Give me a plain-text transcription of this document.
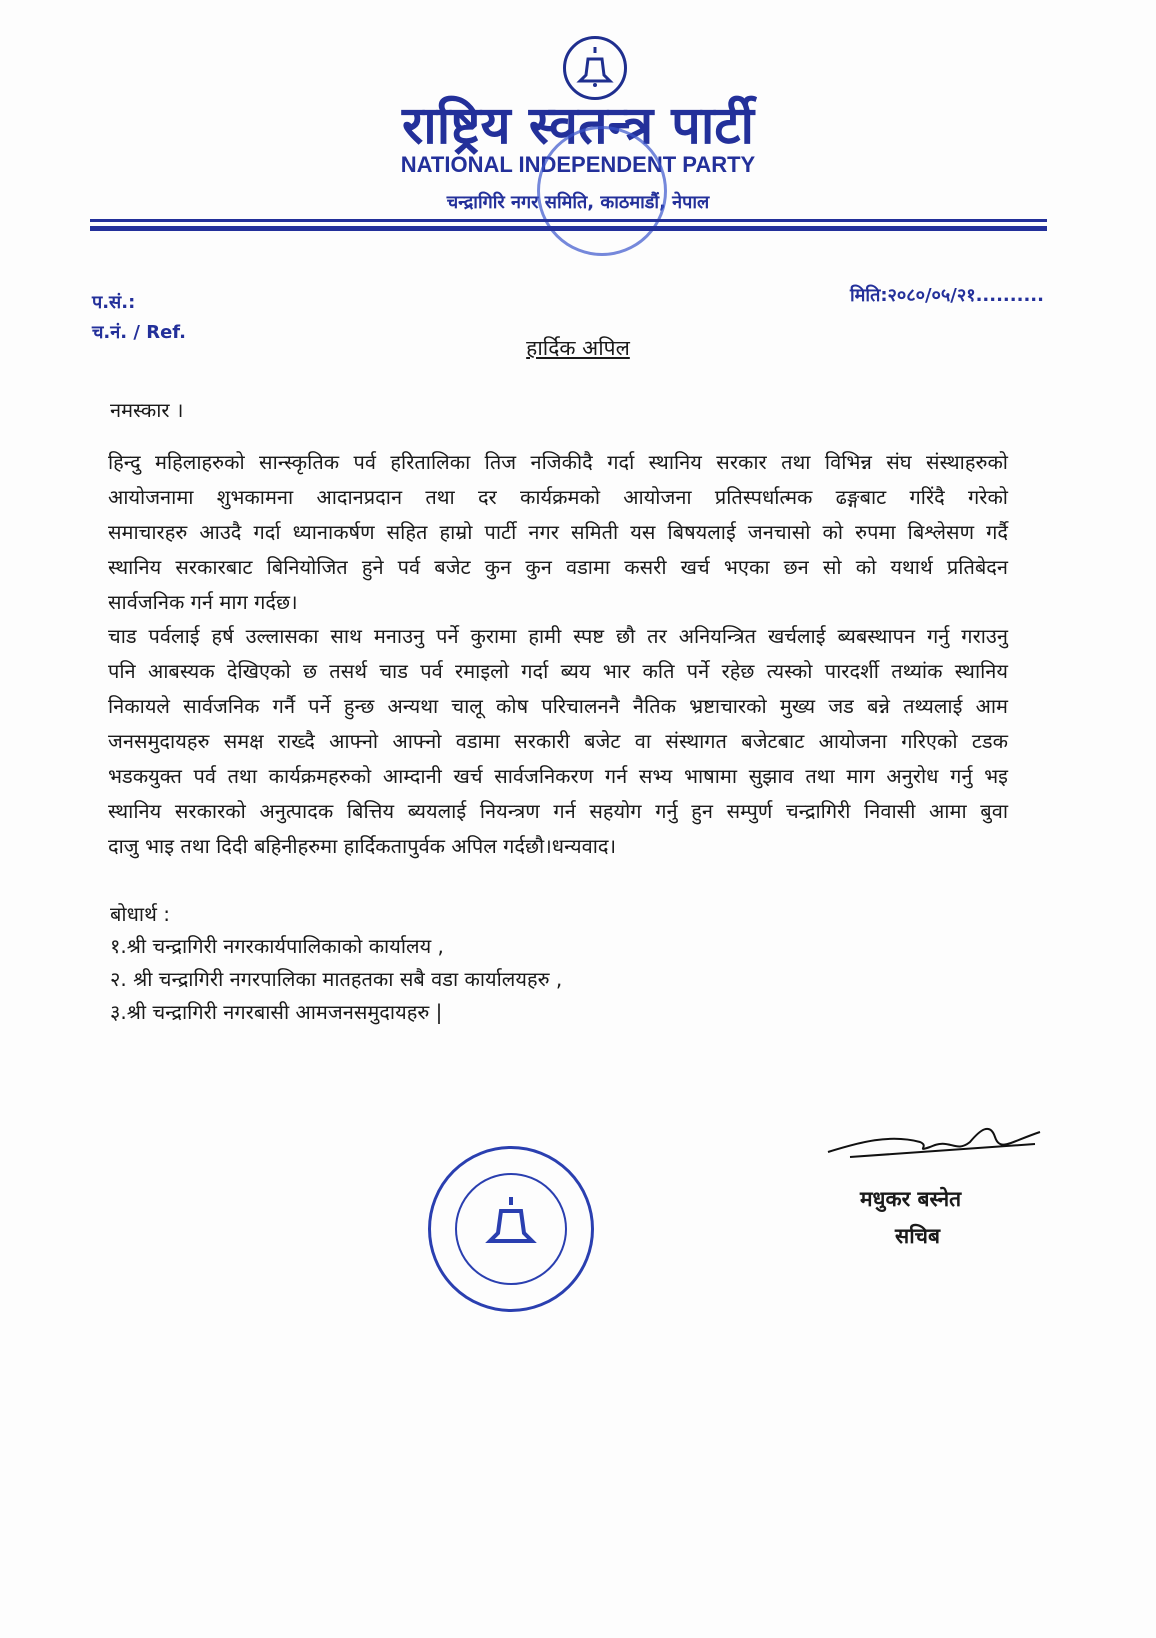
राष्ट्रिय स्वतन्त्र पार्टी
NATIONAL INDEPENDENT PARTY
चन्द्रागिरि नगर समिति, काठमाडौं, नेपाल
प.सं.:
च.नं. / Ref.
मिति:२०८०/०५/२१..........
हार्दिक अपिल
नमस्कार ।
हिन्दु महिलाहरुको सान्स्कृतिक पर्व हरितालिका तिज नजिकीदै गर्दा स्थानिय सरकार तथा विभिन्न संघ संस्थाहरुको
आयोजनामा शुभकामना आदानप्रदान तथा दर कार्यक्रमको आयोजना प्रतिस्पर्धात्मक ढङ्गबाट गरिंदै गरेको
समाचारहरु आउदै गर्दा ध्यानाकर्षण सहित हाम्रो पार्टी नगर समिती यस बिषयलाई जनचासो को रुपमा बिश्लेसण गर्दै
स्थानिय सरकारबाट बिनियोजित हुने पर्व बजेट कुन कुन वडामा कसरी खर्च भएका छन सो को यथार्थ प्रतिबेदन
सार्वजनिक गर्न माग गर्दछ।
चाड पर्वलाई हर्ष उल्लासका साथ मनाउनु पर्ने कुरामा हामी स्पष्ट छौ तर अनियन्त्रित खर्चलाई ब्यबस्थापन गर्नु गराउनु
पनि आबस्यक देखिएको छ तसर्थ चाड पर्व रमाइलो गर्दा ब्यय भार कति पर्ने रहेछ त्यस्को पारदर्शी तथ्यांक स्थानिय
निकायले सार्वजनिक गर्नै पर्ने हुन्छ अन्यथा चालू कोष परिचालननै नैतिक भ्रष्टाचारको मुख्य जड बन्ने तथ्यलाई आम
जनसमुदायहरु समक्ष राख्दै आफ्नो आफ्नो वडामा सरकारी बजेट वा संस्थागत बजेटबाट आयोजना गरिएको टडक
भडकयुक्त पर्व तथा कार्यक्रमहरुको आम्दानी खर्च सार्वजनिकरण गर्न सभ्य भाषामा सुझाव तथा माग अनुरोध गर्नु भइ
स्थानिय सरकारको अनुत्पादक बित्तिय ब्ययलाई नियन्त्रण गर्न सहयोग गर्नु हुन सम्पुर्ण चन्द्रागिरी निवासी आमा बुवा
दाजु भाइ तथा दिदी बहिनीहरुमा हार्दिकतापुर्वक अपिल गर्दछौ।धन्यवाद।
बोधार्थ :
१.श्री चन्द्रागिरी नगरकार्यपालिकाको कार्यालय ,
२. श्री चन्द्रागिरी नगरपालिका मातहतका सबै वडा कार्यालयहरु ,
३.श्री चन्द्रागिरी नगरबासी आमजनसमुदायहरु |
मधुकर बस्नेत
सचिब
